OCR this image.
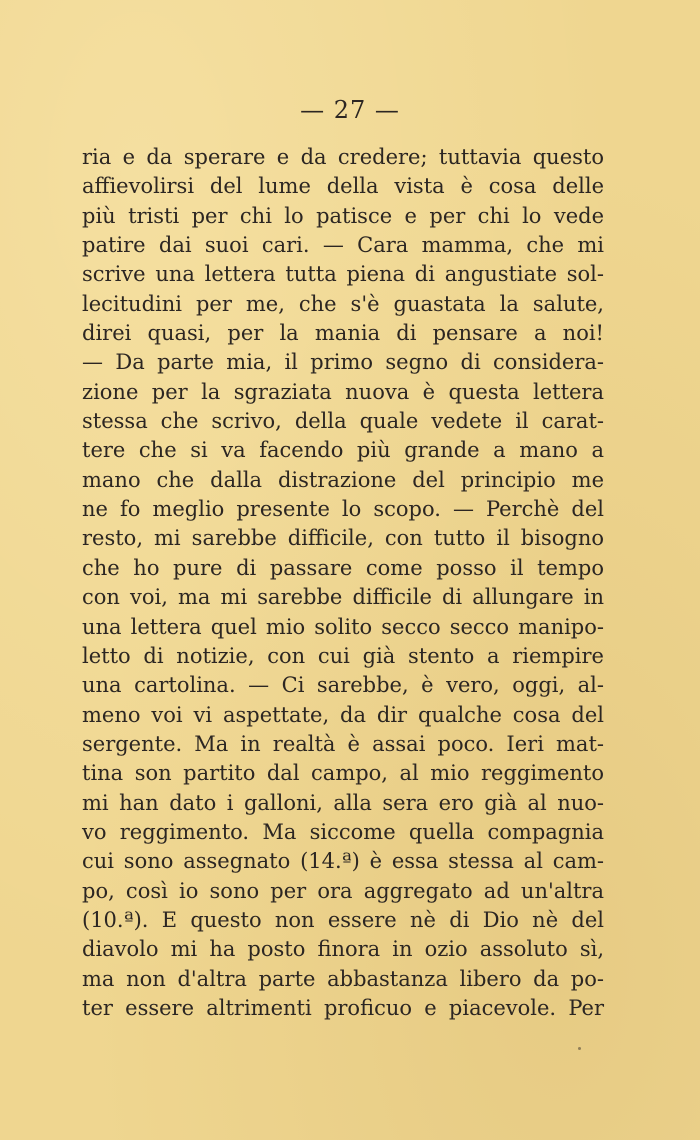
— 27 —
ria e da sperare e da credere; tuttavia questo
affievolirsi del lume della vista è cosa delle
più tristi per chi lo patisce e per chi lo vede
patire dai suoi cari. — Cara mamma, che mi
scrive una lettera tutta piena di angustiate sol-
lecitudini per me, che s'è guastata la salute,
direi quasi, per la mania di pensare a noi!
— Da parte mia, il primo segno di considera-
zione per la sgraziata nuova è questa lettera
stessa che scrivo, della quale vedete il carat-
tere che si va facendo più grande a mano a
mano che dalla distrazione del principio me
ne fo meglio presente lo scopo. — Perchè del
resto, mi sarebbe difficile, con tutto il bisogno
che ho pure di passare come posso il tempo
con voi, ma mi sarebbe difficile di allungare in
una lettera quel mio solito secco secco manipo-
letto di notizie, con cui già stento a riempire
una cartolina. — Ci sarebbe, è vero, oggi, al-
meno voi vi aspettate, da dir qualche cosa del
sergente. Ma in realtà è assai poco. Ieri mat-
tina son partito dal campo, al mio reggimento
mi han dato i galloni, alla sera ero già al nuo-
vo reggimento. Ma siccome quella compagnia
cui sono assegnato (14.ª) è essa stessa al cam-
po, così io sono per ora aggregato ad un'altra
(10.ª). E questo non essere nè di Dio nè del
diavolo mi ha posto finora in ozio assoluto sì,
ma non d'altra parte abbastanza libero da po-
ter essere altrimenti proficuo e piacevole. Per
